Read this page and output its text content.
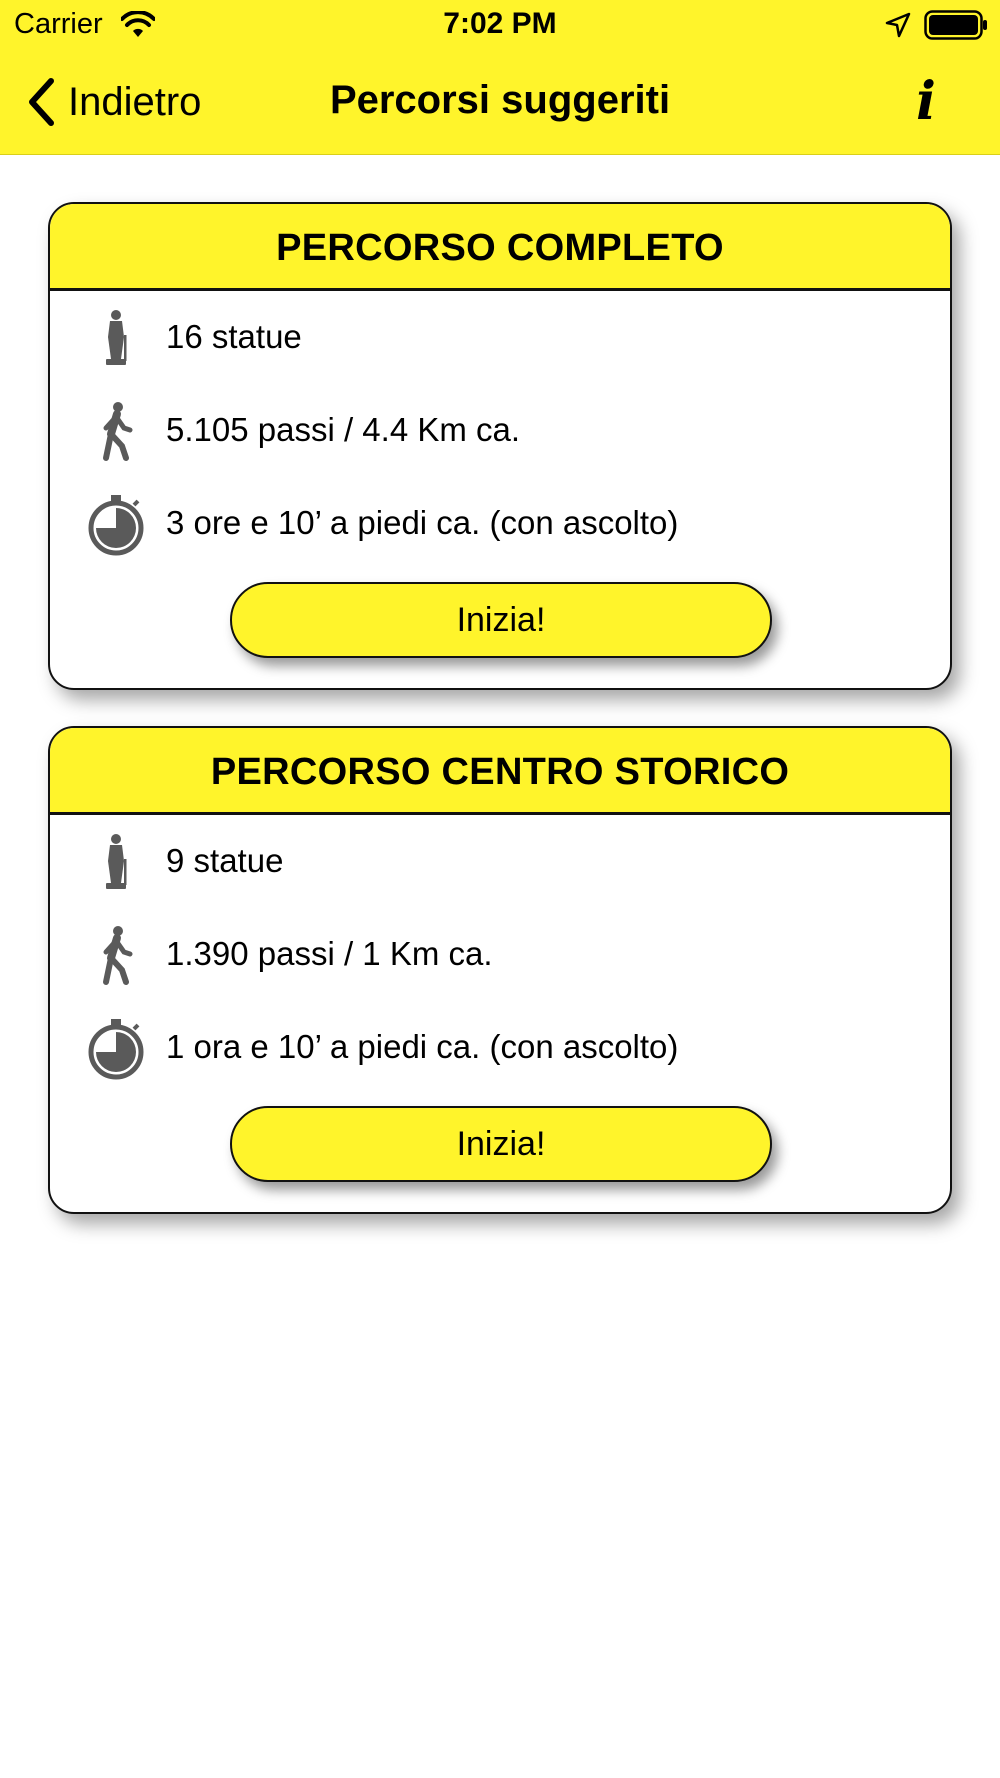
Carrier	7:02 PM
Indietro	Percorsi suggeriti	i
PERCORSO COMPLETO
16 statue
5.105 passi / 4.4 Km ca.
3 ore e 10’ a piedi ca. (con ascolto)
Inizia!
PERCORSO CENTRO STORICO
9 statue
1.390 passi / 1 Km ca.
1 ora e 10’ a piedi ca. (con ascolto)
Inizia!
